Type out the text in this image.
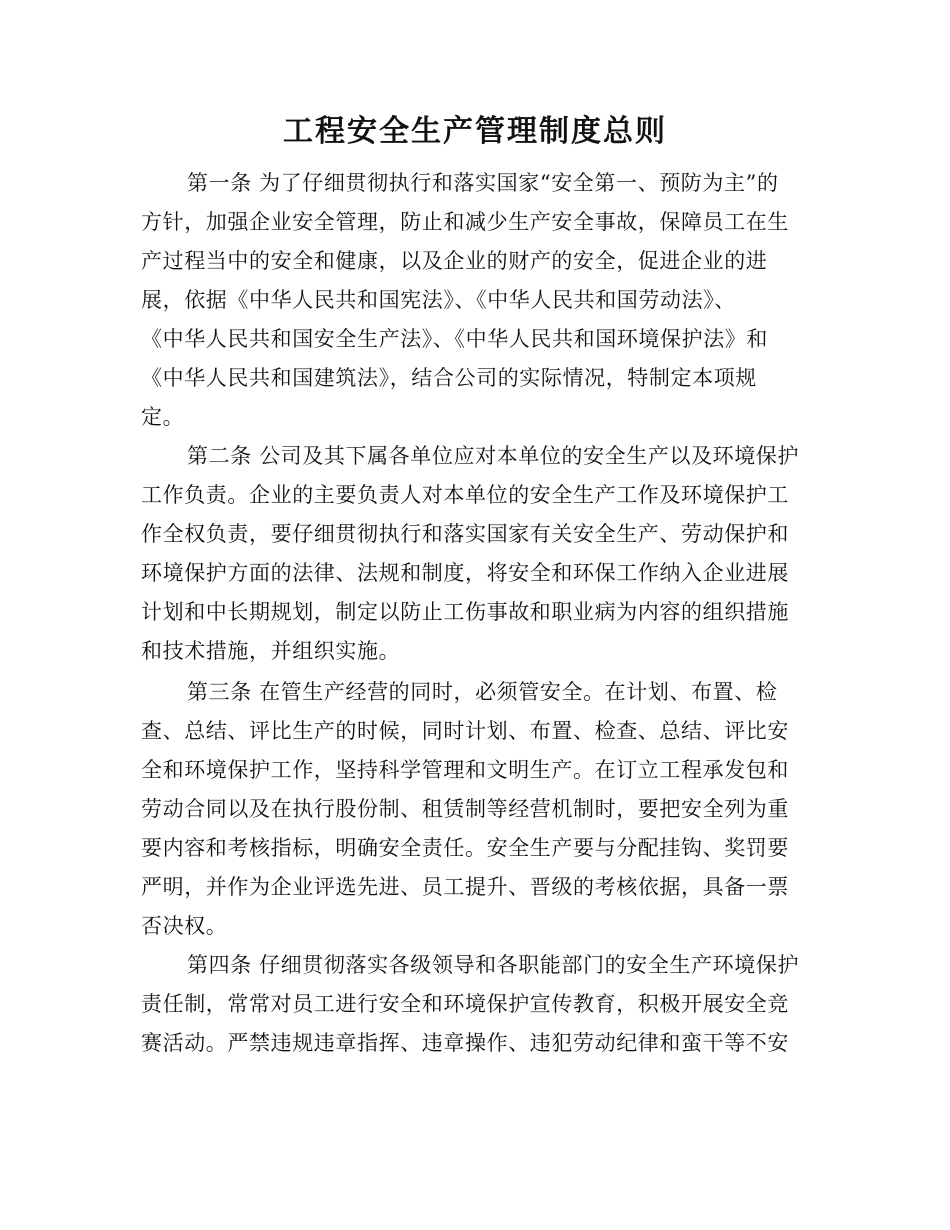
工程安全生产管理制度总则
第一条 为了仔细贯彻执行和落实国家“安全第一、预防为主”的
方针，加强企业安全管理，防止和减少生产安全事故，保障员工在生
产过程当中的安全和健康，以及企业的财产的安全，促进企业的进
展，依据《中华人民共和国宪法》、《中华人民共和国劳动法》、
《中华人民共和国安全生产法》、《中华人民共和国环境保护法》和
《中华人民共和国建筑法》，结合公司的实际情况，特制定本项规
定。
第二条 公司及其下属各单位应对本单位的安全生产以及环境保护
工作负责。企业的主要负责人对本单位的安全生产工作及环境保护工
作全权负责，要仔细贯彻执行和落实国家有关安全生产、劳动保护和
环境保护方面的法律、法规和制度，将安全和环保工作纳入企业进展
计划和中长期规划，制定以防止工伤事故和职业病为内容的组织措施
和技术措施，并组织实施。
第三条 在管生产经营的同时，必须管安全。在计划、布置、检
查、总结、评比生产的时候，同时计划、布置、检查、总结、评比安
全和环境保护工作，坚持科学管理和文明生产。在订立工程承发包和
劳动合同以及在执行股份制、租赁制等经营机制时，要把安全列为重
要内容和考核指标，明确安全责任。安全生产要与分配挂钩、奖罚要
严明，并作为企业评选先进、员工提升、晋级的考核依据，具备一票
否决权。
第四条 仔细贯彻落实各级领导和各职能部门的安全生产环境保护
责任制，常常对员工进行安全和环境保护宣传教育，积极开展安全竞
赛活动。严禁违规违章指挥、违章操作、违犯劳动纪律和蛮干等不安
